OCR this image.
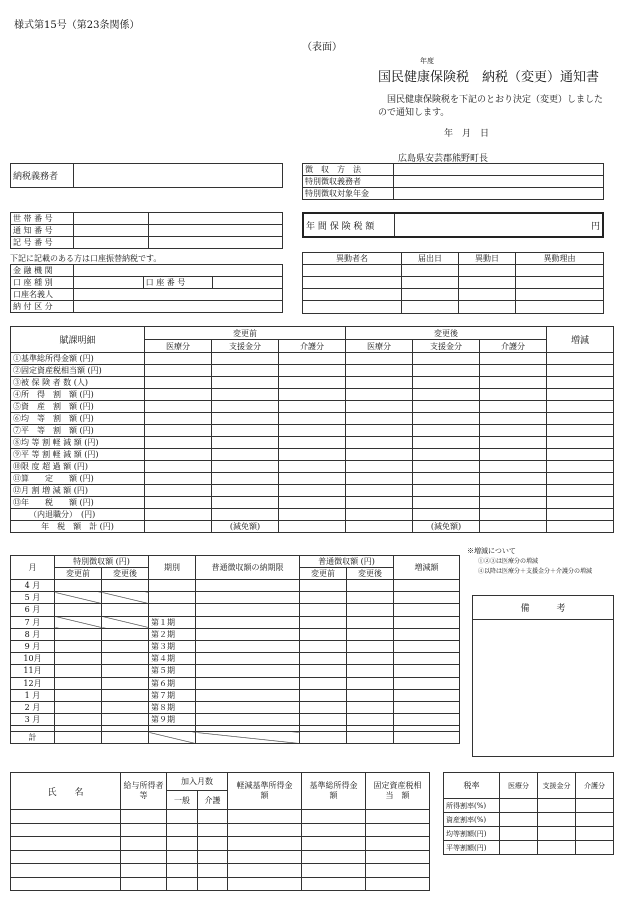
様式第15号（第23条関係）
（表面）
年度
国民健康保険税　納税（変更）通知書
国民健康保険税を下記のとおり決定（変更）しましたので通知します。
年　月　日
広島県安芸郡熊野町長
納税義務者	
徴　収　方　法	
特別徴収義務者	
特別徴収対象年金	
世 帯 番 号		
通 知 番 号		
記 号 番 号		
年 間 保 険 税 額	円
下記に記載のある方は口座振替納税です。
金 融 機 関			
口 座 種 別		口 座 番 号	
口座名義人			
納 付 区 分			
異動者名	届出日	異動日	異動理由

賦課明細	変更前			変更後			増減
	医療分	支援金分	介護分	医療分	支援金分	介護分	
①基準総所得金額 (円)							
②固定資産税相当額 (円)							
③被 保 険 者 数 (人)							
④所　得　割　額 (円)							
⑤資　産　割　額 (円)							
⑥均　等　割　額 (円)							
⑦平　等　割　額 (円)							
⑧均 等 割 軽 減 額 (円)							
⑨平 等 割 軽 減 額 (円)							
⑩限 度 超 過 額 (円)							
⑪算　　定　　額 (円)							
⑫月 割 増 減 額 (円)							
⑬年　　税　　額 (円)							
（内退職分）　(円)							
年　税　額　計 (円)		(減免額)			(減免額)		
※増減について
①②③は医療分の増減
④以降は医療分＋支援金分＋介護分の増減
月	特別徴収額 (円)		期別	普通徴収額の納期限	普通徴収額 (円)		増減額
	変更前	変更後			変更前	変更後	
4 月							
5 月							
6 月							
7 月			第１期				
8 月			第２期				
9 月			第３期				
10月			第４期				
11月			第５期				
12月			第６期				
1 月			第７期				
2 月			第８期				
3 月			第９期				

計							
備　　　考

氏　　名	給与所得者等	加入月数		軽減基準所得金　　額	基準総所得金　　額	固定資産税相　当　額
		一般	介護			

税率	医療分	支援金分	介護分
所得割率(%)			
資産割率(%)			
均等割額(円)			
平等割額(円)			
